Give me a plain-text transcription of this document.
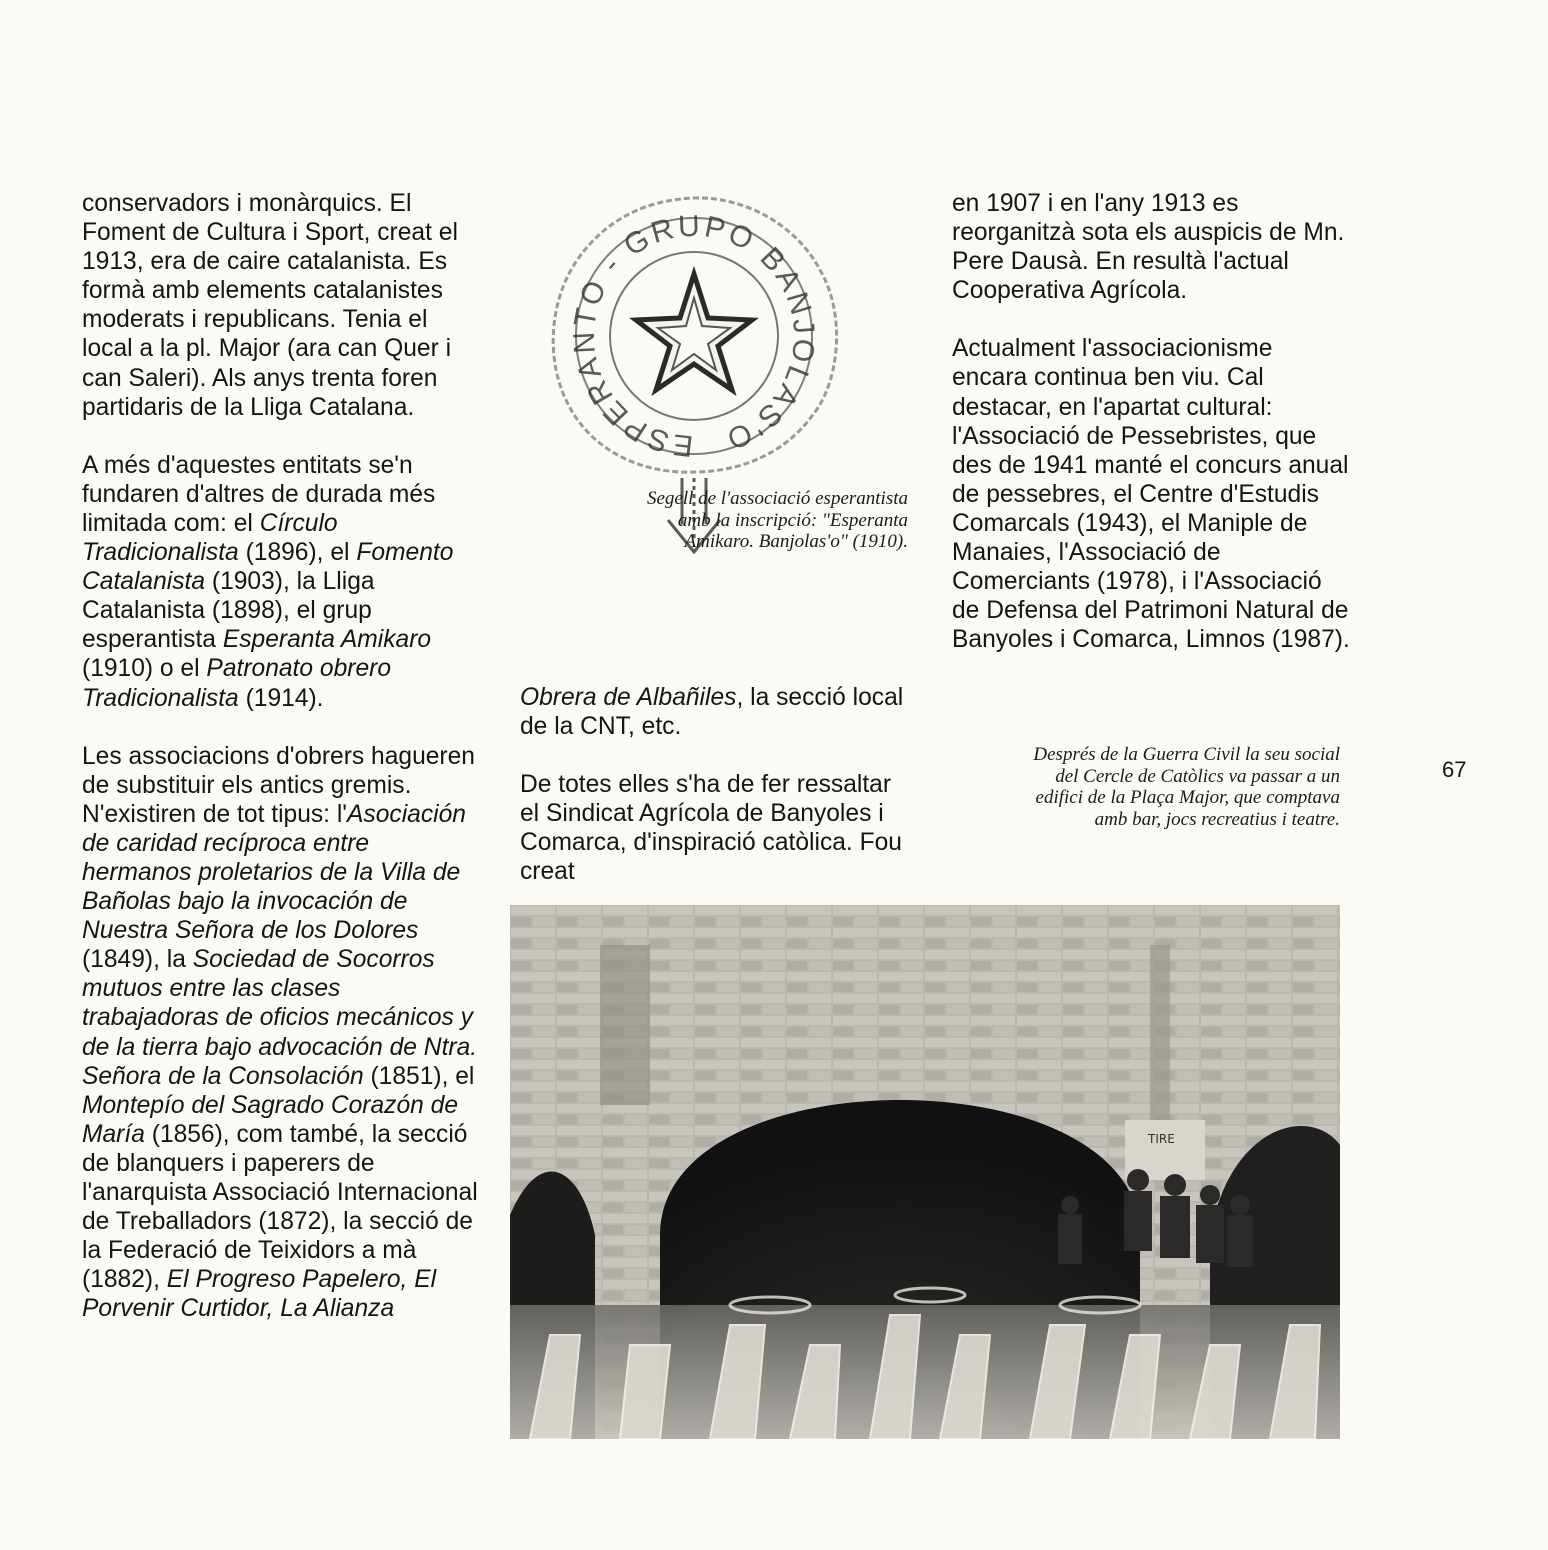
conservadors i monàrquics. El Foment de Cultura i Sport, creat el 1913, era de caire catalanista. Es formà amb elements catalanistes moderats i republicans. Tenia el local a la pl. Major (ara can Quer i can Saleri). Als anys trenta foren partidaris de la Lliga Catalana.

A més d'aquestes entitats se'n fundaren d'altres de durada més limitada com: el Círculo Tradicionalista (1896), el Fomento Catalanista (1903), la Lliga Catalanista (1898), el grup esperantista Esperanta Amikaro (1910) o el Patronato obrero Tradicionalista (1914).

Les associacions d'obrers hagueren de substituir els antics gremis. N'existiren de tot tipus: l'Asociación de caridad recíproca entre hermanos proletarios de la Villa de Bañolas bajo la invocación de Nuestra Señora de los Dolores (1849), la Sociedad de Socorros mutuos entre las clases trabajadoras de oficios mecánicos y de la tierra bajo advocación de Ntra. Señora de la Consolación (1851), el Montepío del Sagrado Corazón de María (1856), com també, la secció de blanquers i paperers de l'anarquista Associació Internacional de Treballadors (1872), la secció de la Federació de Teixidors a mà (1882), El Progreso Papelero, El Porvenir Curtidor, La Alianza

ESPERANTO - GRUPO BANJOLAS'O
Segell de l'associació esperantista amb la inscripció: "Esperanta Amikaro. Banjolas'o" (1910).

Obrera de Albañiles, la secció local de la CNT, etc.

De totes elles s'ha de fer ressaltar el Sindicat Agrícola de Banyoles i Comarca, d'inspiració catòlica. Fou creat

en 1907 i en l'any 1913 es reorganitzà sota els auspicis de Mn. Pere Dausà. En resultà l'actual Cooperativa Agrícola.

Actualment l'associacionisme encara continua ben viu. Cal destacar, en l'apartat cultural: l'Associació de Pessebristes, que des de 1941 manté el concurs anual de pessebres, el Centre d'Estudis Comarcals (1943), el Maniple de Manaies, l'Associació de Comerciants (1978), i l'Associació de Defensa del Patrimoni Natural de Banyoles i Comarca, Limnos (1987).

Després de la Guerra Civil la seu social del Cercle de Catòlics va passar a un edifici de la Plaça Major, que comptava amb bar, jocs recreatius i teatre.
67
TIRE
